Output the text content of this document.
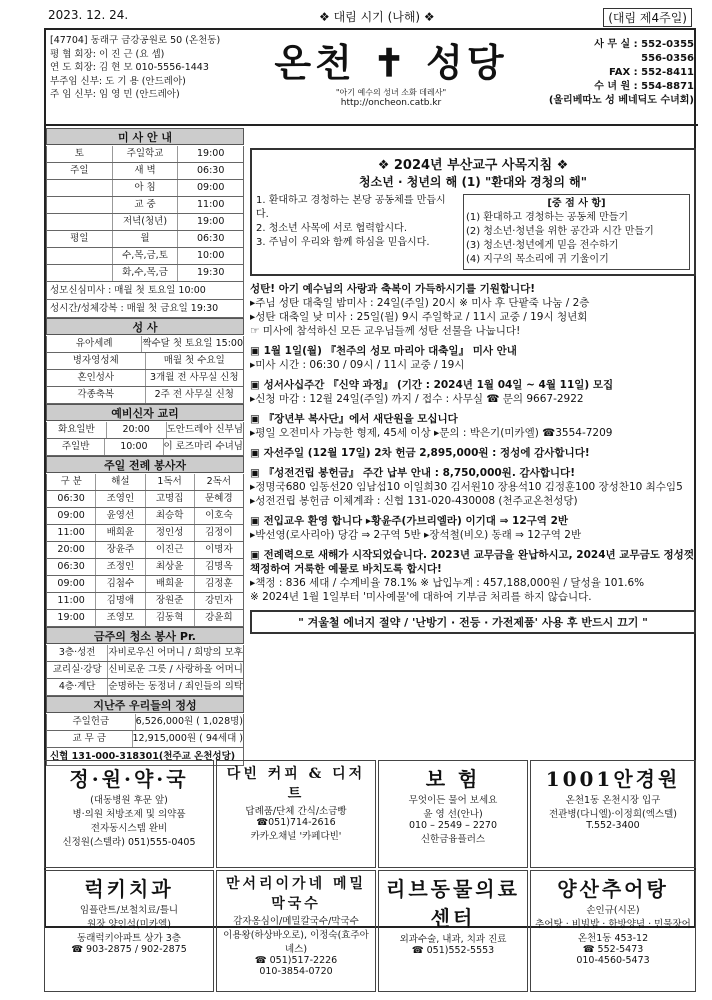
2023. 12. 24.	❖ 대림 시기 (나해) ❖	(대림 제4주일)
[47704] 동래구 금강공원로 50 (온천동)
평 협 회장: 이 진 근 (요 셉)
연 도 회장: 김 현 모 010-5556-1443
부주임 신부: 도 기 용 (안드레아)
주 임 신부: 임 영 민 (안드레아)
온천 ✝ 성당
"아기 예수의 성녀 소화 데레사"
http://oncheon.catb.kr
사 무 실 : 552-0355
556-0356
FAX : 552-8411
수 녀 원 : 554-8871
(울리베따노 성 베네딕도 수녀회)
미 사 안 내
토	주일학교	19:00
주일	새 벽	06:30
아 침	09:00
교 중	11:00
저녁(청년)	19:00
평일	월	06:30
수,목,금,토	10:00
화,수,목,금	19:30
성모신심미사 : 매월 첫 토요일 10:00
성시간/성체강복 : 매월 첫 금요일 19:30
성 사
유아세례	짝수달 첫 토요일 15:00
병자영성체	매월 첫 수요일
혼인성사	3개월 전 사무실 신청
각종축복	2주 전 사무실 신청
예비신자 교리
화요일반	20:00	도안드레아 신부님
주일반	10:00	이 로즈마리 수녀님
주일 전례 봉사자
구 분	해설	1독서	2독서
06:30	조영인	고명집	문혜경
09:00	윤영선	최승학	이호숙
11:00	배희윤	정인성	김정이
20:00	장윤주	이진근	이명자
06:30	조정인	최상윤	김명옥
09:00	김첨수	배희윤	김정훈
11:00	김명애	장원준	강민자
19:00	조영모	김동혁	강윤희
금주의 청소 봉사 Pr.
3층·성전	자비로우신 어머니 / 희망의 모후
교리실·강당 신비로운 그릇 / 사랑하올 어머니
4층·계단	순명하는 동정녀 / 죄인들의 의탁
지난주 우리들의 정성
주일헌금	6,526,000원 ( 1,028명)
교 무 금	12,915,000원 ( 94세대 )
신협 131-000-318301(천주교 온천성당)
❖ 2024년 부산교구 사목지침 ❖
청소년 · 청년의 해 (1) "환대와 경청의 해"
1. 환대하고 경청하는 본당 공동체를 만듭시다.
2. 청소년 사목에 서로 협력합시다.
3. 주님이 우리와 함께 하심을 믿읍시다.
[중 점 사 항]
(1) 환대하고 경청하는 공동체 만들기
(2) 청소년·청년을 위한 공간과 시간 만들기
(3) 청소년·청년에게 믿음 전수하기
(4) 지구의 목소리에 귀 기울이기
성탄! 아기 예수님의 사랑과 축복이 가득하시기를 기원합니다!
▸주님 성탄 대축일 밤미사 : 24일(주일) 20시 ※ 미사 후 단팥죽 나눔 / 2층
▸성탄 대축일 낮 미사 : 25일(월) 9시 주일학교 / 11시 교중 / 19시 청년회
☞ 미사에 참석하신 모든 교우님들께 성탄 선물을 나눕니다!
▣ 1월 1일(월) 『천주의 성모 마리아 대축일』 미사 안내
▸미사 시간 : 06:30 / 09시 / 11시 교중 / 19시
▣ 성서사십주간 『신약 과정』 (기간 : 2024년 1월 04일 ~ 4월 11일) 모집
▸신청 마감 : 12월 24일(주일) 까지 / 접수 : 사무실 ☎ 문의 9667-2922
▣ 『장년부 복사단』에서 새단원을 모십니다
▸평일 오전미사 가능한 형제, 45세 이상 ▸문의 : 박은기(미카엘) ☎3554-7209
▣ 자선주일 (12월 17일) 2차 헌금 2,895,000원 : 정성에 감사합니다!
▣ 『성전건립 봉헌금』 주간 납부 안내 : 8,750,000원. 감사합니다!
▸정명국680 임동선20 임남섭10 이일희30 김서원10 장용석10 김정훈100 장성찬10 최수임5
▸성전건립 봉헌금 이체계좌 : 신협 131-020-430008 (천주교온천성당)
▣ 전입교우 환영 합니다 ▸황윤주(가브리엘라) 이기대 ⇒ 12구역 2반
▸박선영(로사리아) 당감 ⇒ 2구역 5반 ▸장석철(비오) 동래 ⇒ 12구역 2반
▣ 전례력으로 새해가 시작되었습니다. 2023년 교무금을 완납하시고, 2024년 교무금도 정성껏 책정하여 거룩한 예물로 바치도록 합시다!
▸책정 : 836 세대 / 수계비율 78.1% ※ 납입누계 : 457,188,000원 / 달성율 101.6%
※ 2024년 1월 1일부터 '미사예물'에 대하여 기부금 처리를 하지 않습니다.
" 겨울철 에너지 절약 / '난방기 · 전등 · 가전제품' 사용 후 반드시 끄기 "
정·원·약·국
(대동병원 후문 앞)
병·의원 처방조제 및 의약품
전자동시스템 완비
신정원(스텔라) 051)555-0405
다빈 커피 & 디저트
답례품/단체 간식/소금빵
☎051)714-2616
카카오채널 '카페다빈'
보 험
무엇이든 물어 보세요
윤 영 선(안나)
010 – 2549 – 2270
신한금융플러스
1001안경원
온천1동 온천시장 입구
전관병(다니엘)·이정희(엑스텔)
T.552-3400
럭키치과
임플란트/보철치료/틀니
원장 양인석(미카엘)
동래럭키아파트 상가 3층
☎ 903-2875 / 902-2875
만서리이가네 메밀막국수
감자옹심이/메밀칼국수/막국수
이용왕(하상바오로), 이정숙(효주아녜스)
☎ 051)517-2226
010-3854-0720
리브동물의료센터
외과수술, 내과, 치과 진료
☎ 051)552-5553
양산추어탕
손인규(시몬)
추어탕 · 비빔밥 · 한방양념 · 민물장어
온천1동 453-12
☎ 552-5473
010-4560-5473
